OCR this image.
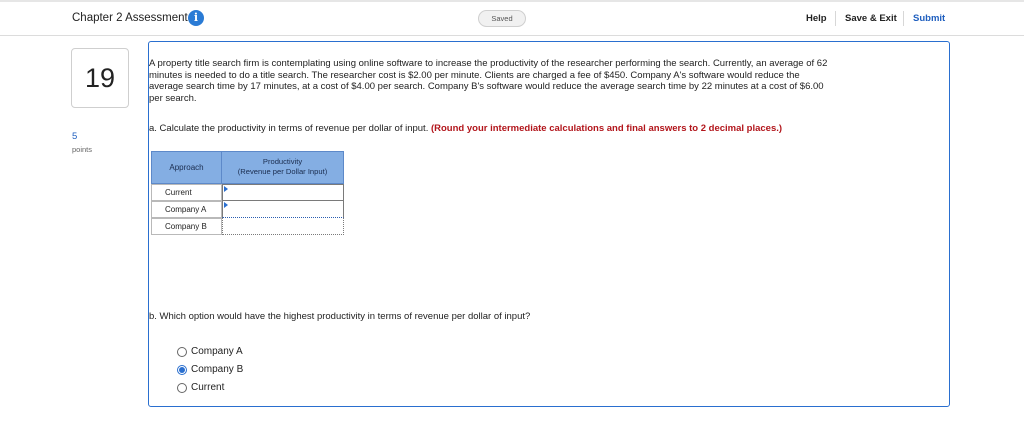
Chapter 2 Assessment i	Saved	Help Save & Exit Submit
19
5
points
A property title search firm is contemplating using online software to increase the productivity of the researcher performing the search. Currently, an average of 62 minutes is needed to do a title search. The researcher cost is $2.00 per minute. Clients are charged a fee of $450. Company A's software would reduce the average search time by 17 minutes, at a cost of $4.00 per search. Company B's software would reduce the average search time by 22 minutes at a cost of $6.00 per search.
a. Calculate the productivity in terms of revenue per dollar of input. (Round your intermediate calculations and final answers to 2 decimal places.)
Approach
Productivity
(Revenue per Dollar Input)
Current
Company A
Company B
b. Which option would have the highest productivity in terms of revenue per dollar of input?
Company A
Company B
Current
